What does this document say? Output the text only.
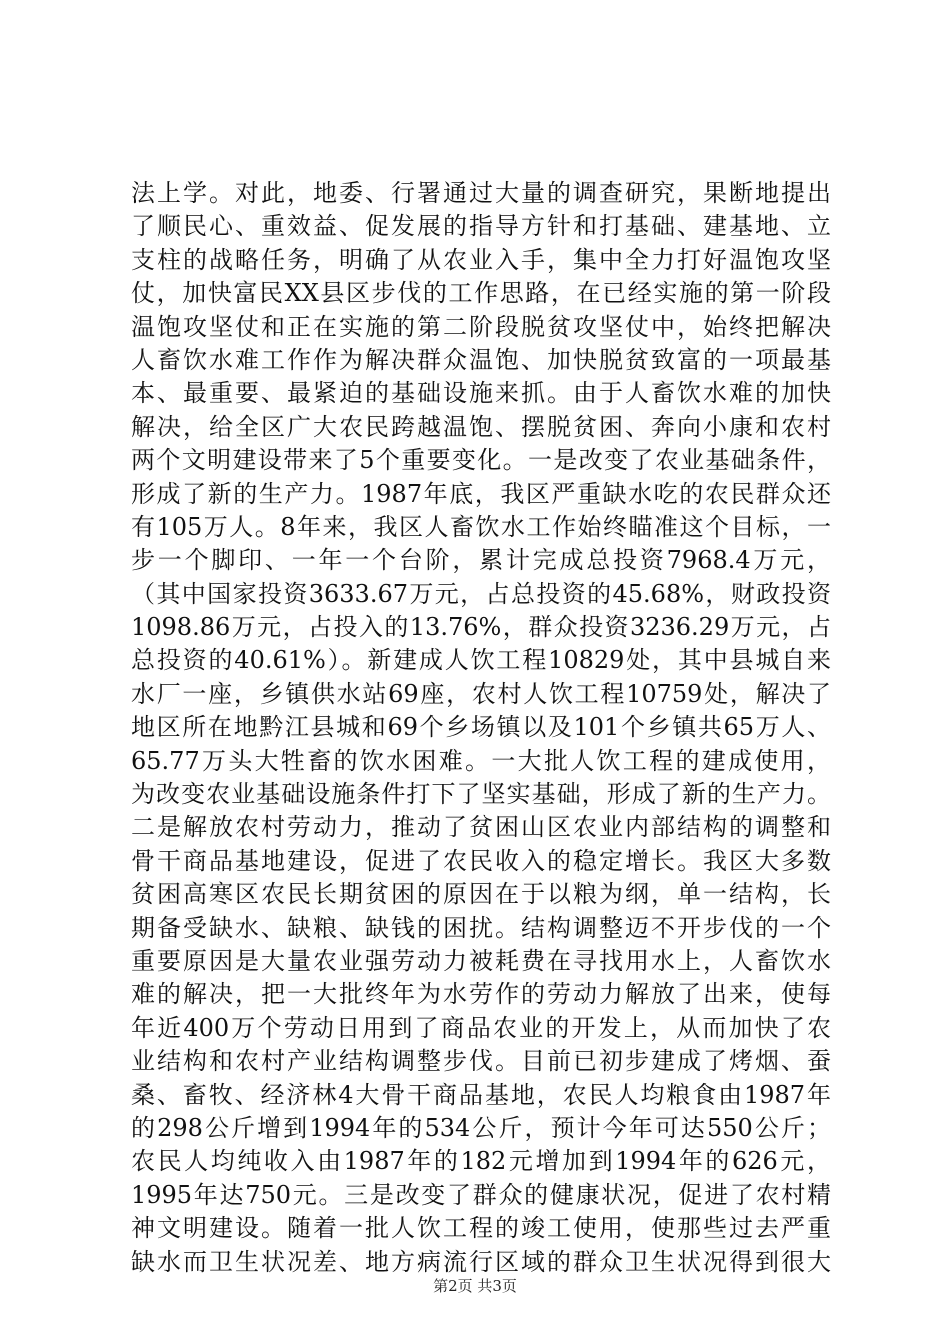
法上学。对此，地委、行署通过大量的调查研究，果断地提出
了顺民心、重效益、促发展的指导方针和打基础、建基地、立
支柱的战略任务，明确了从农业入手，集中全力打好温饱攻坚
仗，加快富民XX县区步伐的工作思路，在已经实施的第一阶段
温饱攻坚仗和正在实施的第二阶段脱贫攻坚仗中，始终把解决
人畜饮水难工作作为解决群众温饱、加快脱贫致富的一项最基
本、最重要、最紧迫的基础设施来抓。由于人畜饮水难的加快
解决，给全区广大农民跨越温饱、摆脱贫困、奔向小康和农村
两个文明建设带来了5个重要变化。一是改变了农业基础条件，
形成了新的生产力。1987年底，我区严重缺水吃的农民群众还
有105万人。8年来，我区人畜饮水工作始终瞄准这个目标，一
步一个脚印、一年一个台阶，累计完成总投资7968.4万元，
（其中国家投资3633.67万元，占总投资的45.68%，财政投资
1098.86万元，占投入的13.76%，群众投资3236.29万元，占
总投资的40.61%）。新建成人饮工程10829处，其中县城自来
水厂一座，乡镇供水站69座，农村人饮工程10759处，解决了
地区所在地黔江县城和69个乡场镇以及101个乡镇共65万人、
65.77万头大牲畜的饮水困难。一大批人饮工程的建成使用，
为改变农业基础设施条件打下了坚实基础，形成了新的生产力。
二是解放农村劳动力，推动了贫困山区农业内部结构的调整和
骨干商品基地建设，促进了农民收入的稳定增长。我区大多数
贫困高寒区农民长期贫困的原因在于以粮为纲，单一结构，长
期备受缺水、缺粮、缺钱的困扰。结构调整迈不开步伐的一个
重要原因是大量农业强劳动力被耗费在寻找用水上，人畜饮水
难的解决，把一大批终年为水劳作的劳动力解放了出来，使每
年近400万个劳动日用到了商品农业的开发上，从而加快了农
业结构和农村产业结构调整步伐。目前已初步建成了烤烟、蚕
桑、畜牧、经济林4大骨干商品基地，农民人均粮食由1987年
的298公斤增到1994年的534公斤，预计今年可达550公斤；
农民人均纯收入由1987年的182元增加到1994年的626元，
1995年达750元。三是改变了群众的健康状况，促进了农村精
神文明建设。随着一批人饮工程的竣工使用，使那些过去严重
缺水而卫生状况差、地方病流行区域的群众卫生状况得到很大
第2页 共3页
